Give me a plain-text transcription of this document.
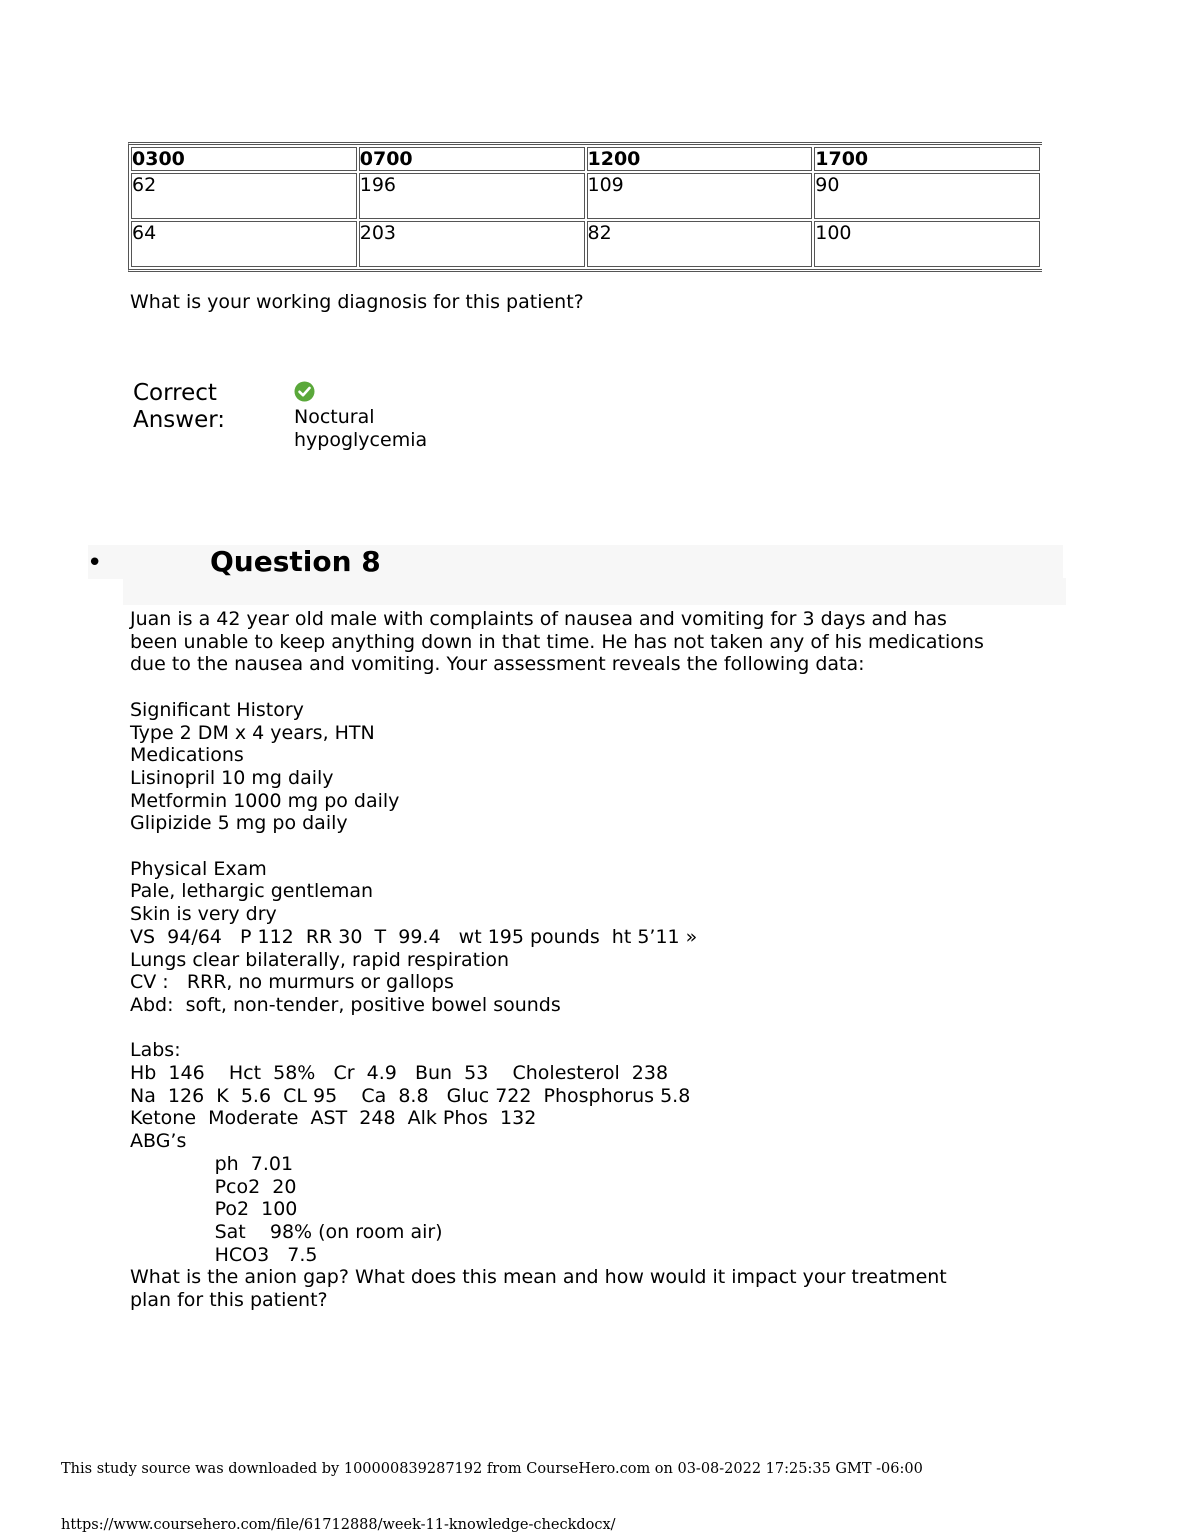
0300	0700	1200	1700
62	196	109	90
64	203	82	100
What is your working diagnosis for this patient?
Correct Answer:	Noctural hypoglycemia
•	Question 8
Juan is a 42 year old male with complaints of nausea and vomiting for 3 days and has
been unable to keep anything down in that time. He has not taken any of his medications
due to the nausea and vomiting. Your assessment reveals the following data:

Significant History
Type 2 DM x 4 years, HTN
Medications
Lisinopril 10 mg daily
Metformin 1000 mg po daily
Glipizide 5 mg po daily

Physical Exam
Pale, lethargic gentleman
Skin is very dry
VS  94/64   P 112  RR 30  T  99.4   wt 195 pounds  ht 5’11 »
Lungs clear bilaterally, rapid respiration
CV :   RRR, no murmurs or gallops
Abd:  soft, non-tender, positive bowel sounds

Labs:
Hb  146    Hct  58%   Cr  4.9   Bun  53    Cholesterol  238
Na  126  K  5.6  CL 95    Ca  8.8   Gluc 722  Phosphorus 5.8
Ketone  Moderate  AST  248  Alk Phos  132
ABG’s
ph  7.01
Pco2  20
Po2  100
Sat    98% (on room air)
HCO3   7.5
What is the anion gap? What does this mean and how would it impact your treatment
plan for this patient?
This study source was downloaded by 100000839287192 from CourseHero.com on 03-08-2022 17:25:35 GMT -06:00
https://www.coursehero.com/file/61712888/week-11-knowledge-checkdocx/
